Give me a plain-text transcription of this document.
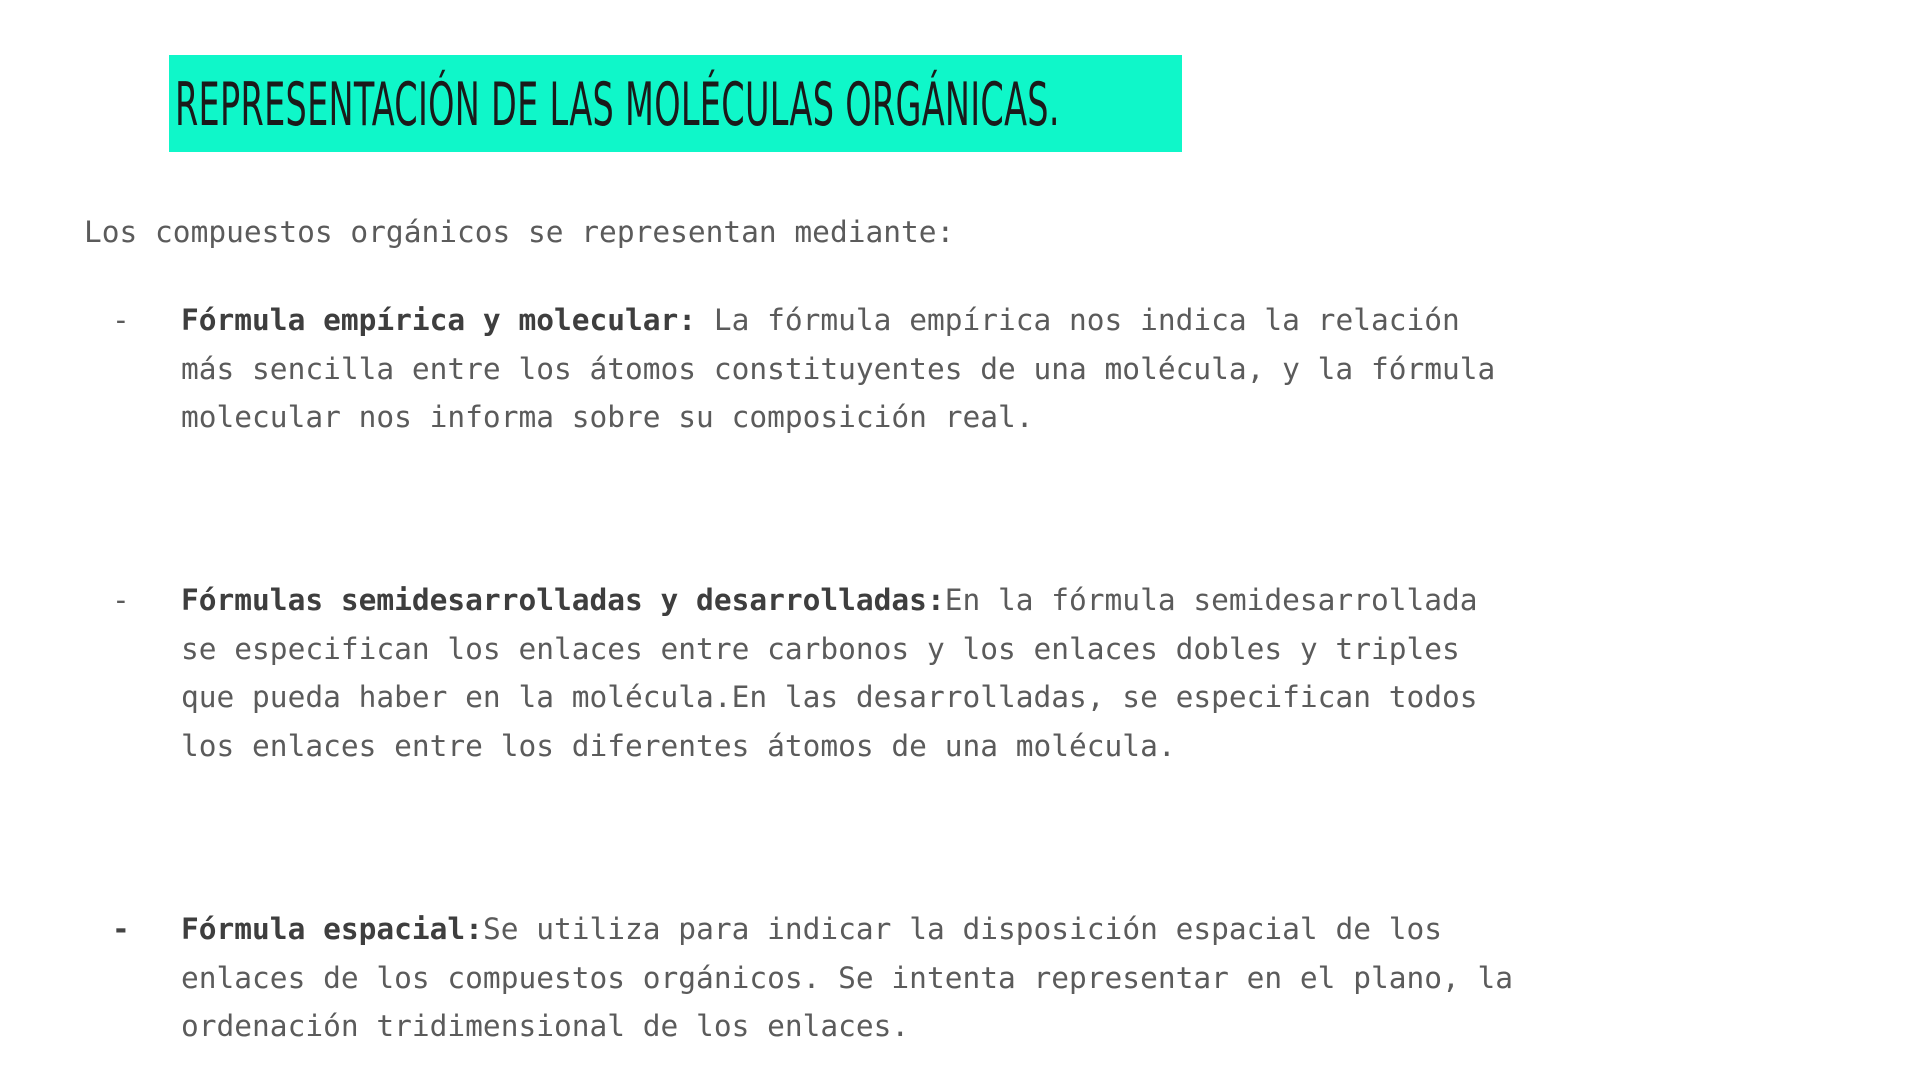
REPRESENTACIÓN DE LAS MOLÉCULAS ORGÁNICAS.
Los compuestos orgánicos se representan mediante:
- Fórmula empírica y molecular: La fórmula empírica nos indica la relación
más sencilla entre los átomos constituyentes de una molécula, y la fórmula
molecular nos informa sobre su composición real.
- Fórmulas semidesarrolladas y desarrolladas:En la fórmula semidesarrollada
se especifican los enlaces entre carbonos y los enlaces dobles y triples
que pueda haber en la molécula.En las desarrolladas, se especifican todos
los enlaces entre los diferentes átomos de una molécula.
- Fórmula espacial:Se utiliza para indicar la disposición espacial de los
enlaces de los compuestos orgánicos. Se intenta representar en el plano, la
ordenación tridimensional de los enlaces.
